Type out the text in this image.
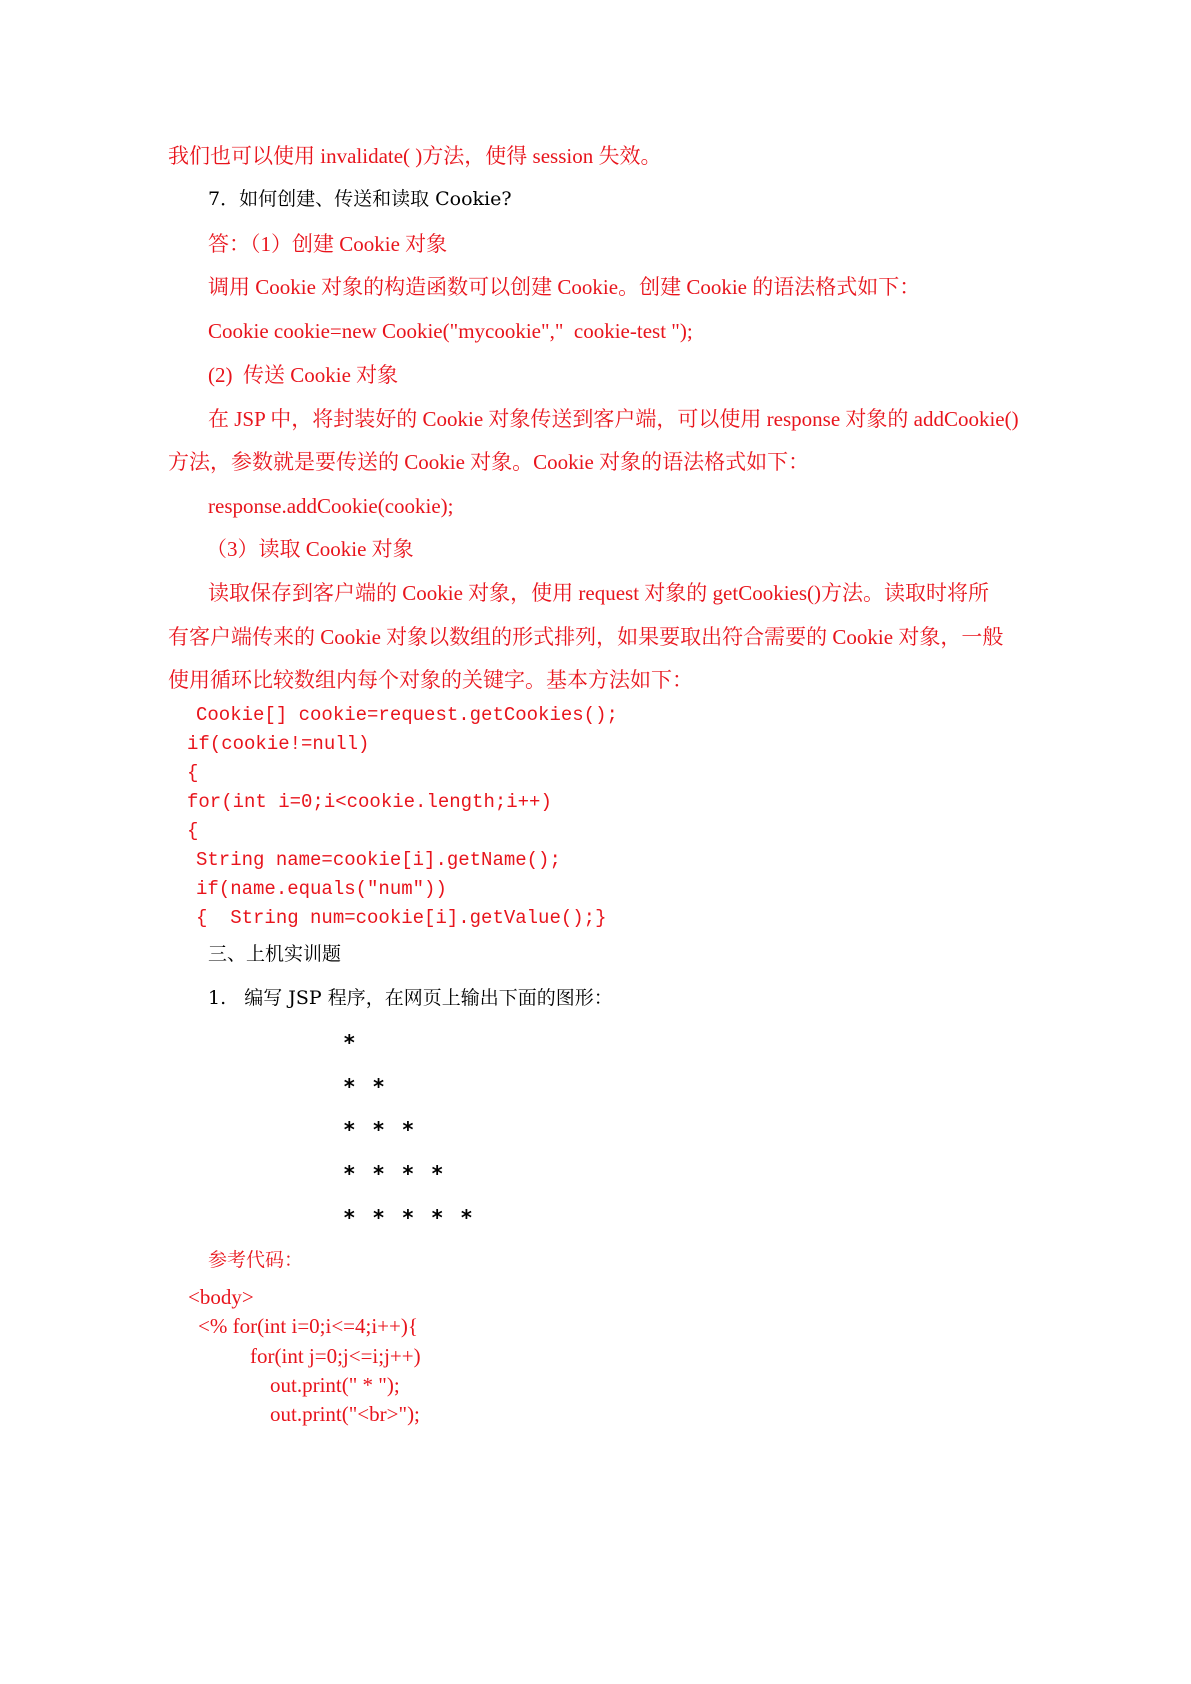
我们也可以使用 invalidate( )方法，使得 session 失效。
7．如何创建、传送和读取 Cookie?
答：（1）创建 Cookie 对象
调用 Cookie 对象的构造函数可以创建 Cookie。创建 Cookie 的语法格式如下：
Cookie cookie=new Cookie("mycookie","  cookie-test ");
(2)  传送 Cookie 对象
在 JSP 中，将封装好的 Cookie 对象传送到客户端，可以使用 response 对象的 addCookie()
方法，参数就是要传送的 Cookie 对象。Cookie 对象的语法格式如下：
response.addCookie(cookie);
（3）读取 Cookie 对象
读取保存到客户端的 Cookie 对象，使用 request 对象的 getCookies()方法。读取时将所
有客户端传来的 Cookie 对象以数组的形式排列，如果要取出符合需要的 Cookie 对象，一般
使用循环比较数组内每个对象的关键字。基本方法如下：
Cookie[] cookie=request.getCookies();
if(cookie!=null)
{
for(int i=0;i<cookie.length;i++)
{
String name=cookie[i].getName();
if(name.equals("num"))
{  String num=cookie[i].getValue();}
三、上机实训题
1.   编写 JSP 程序，在网页上输出下面的图形：
*
* *
* * *
* * * *
* * * * *
参考代码：
<body>
<% for(int i=0;i<=4;i++){
for(int j=0;j<=i;j++)
out.print(" * ");
out.print("<br>");
